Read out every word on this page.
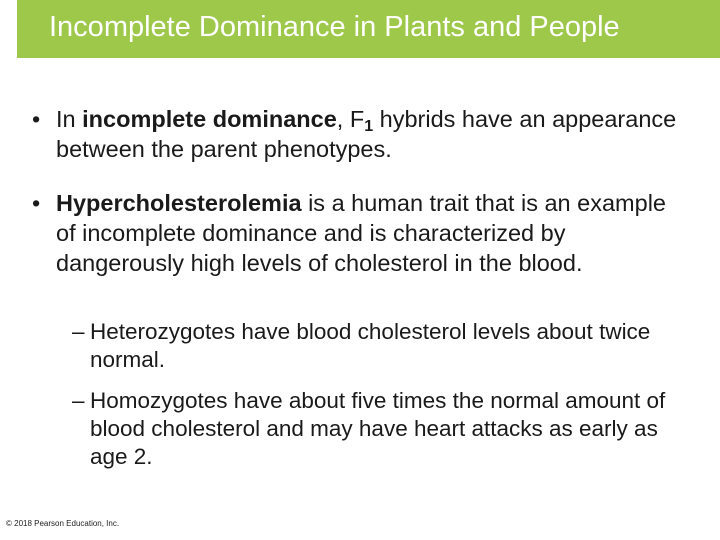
Incomplete Dominance in Plants and People
• In incomplete dominance, $F_1$ hybrids have an appearance between the parent phenotypes.
• Hypercholesterolemia is a human trait that is an example of incomplete dominance and is characterized by dangerously high levels of cholesterol in the blood.
– Heterozygotes have blood cholesterol levels about twice normal.
– Homozygotes have about five times the normal amount of blood cholesterol and may have heart attacks as early as age 2.
© 2018 Pearson Education, Inc.
